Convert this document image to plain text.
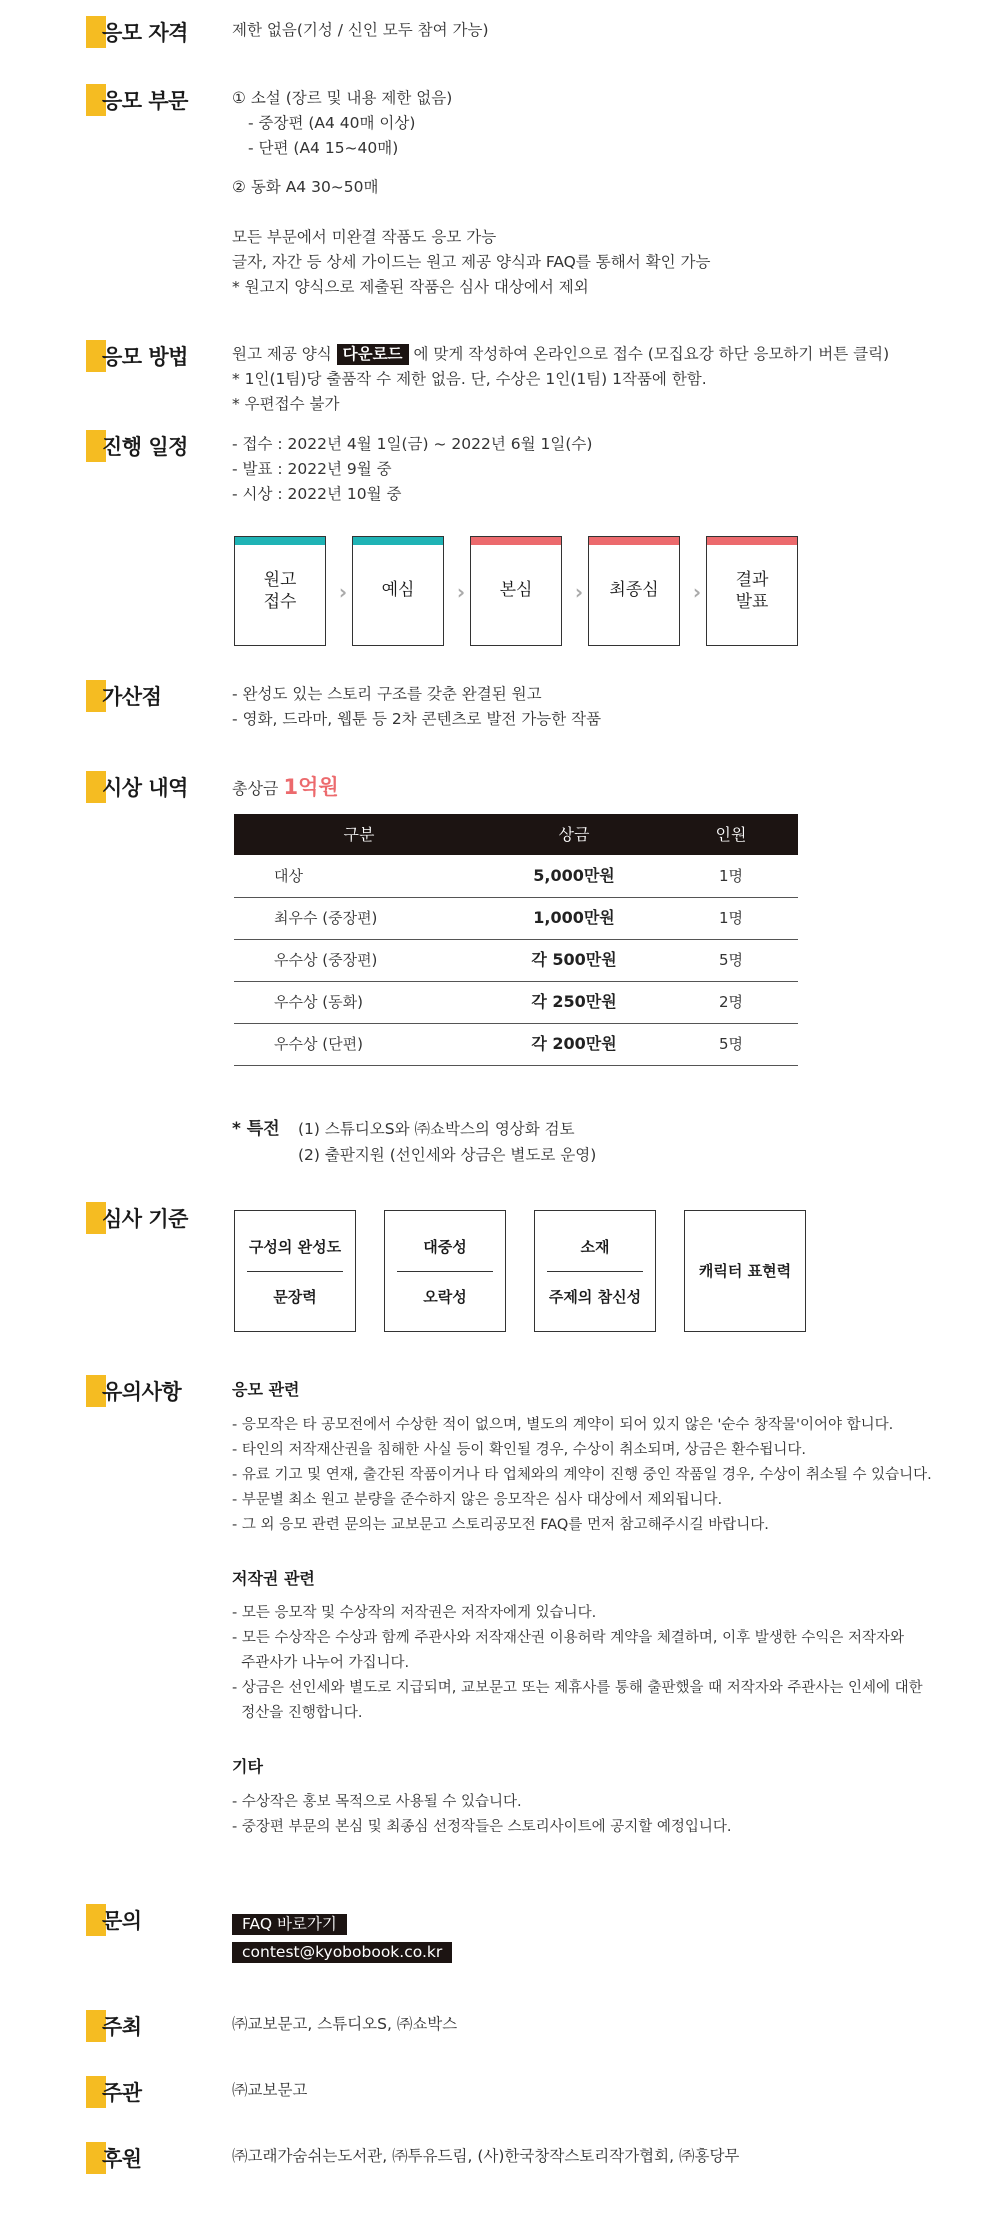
응모 자격	제한 없음(기성 / 신인 모두 참여 가능)
응모 부문	① 소설 (장르 및 내용 제한 없음)
- 중장편 (A4 40매 이상)
- 단편 (A4 15~40매)
② 동화 A4 30~50매
모든 부문에서 미완결 작품도 응모 가능
글자, 자간 등 상세 가이드는 원고 제공 양식과 FAQ를 통해서 확인 가능
* 원고지 양식으로 제출된 작품은 심사 대상에서 제외
응모 방법	원고 제공 양식 다운로드 에 맞게 작성하여 온라인으로 접수 (모집요강 하단 응모하기 버튼 클릭)
* 1인(1팀)당 출품작 수 제한 없음. 단, 수상은 1인(1팀) 1작품에 한함.
* 우편접수 불가
진행 일정	- 접수 : 2022년 4월 1일(금) ~ 2022년 6월 1일(수)
- 발표 : 2022년 9월 중
- 시상 : 2022년 10월 중
원고
접수	›	예심	›	본심	›	최종심	›	결과
발표
가산점	- 완성도 있는 스토리 구조를 갖춘 완결된 원고
- 영화, 드라마, 웹툰 등 2차 콘텐츠로 발전 가능한 작품
시상 내역	총상금 1억원
구분	상금	인원
대상	5,000만원	1명
최우수 (중장편)	1,000만원	1명
우수상 (중장편)	각 500만원	5명
우수상 (동화)	각 250만원	2명
우수상 (단편)	각 200만원	5명
* 특전 (1) 스튜디오S와 ㈜쇼박스의 영상화 검토
(2) 출판지원 (선인세와 상금은 별도로 운영)
심사 기준
구성의 완성도
문장력
대중성
오락성
소재
주제의 참신성
캐릭터 표현력
유의사항	응모 관련
- 응모작은 타 공모전에서 수상한 적이 없으며, 별도의 계약이 되어 있지 않은 '순수 창작물'이어야 합니다.
- 타인의 저작재산권을 침해한 사실 등이 확인될 경우, 수상이 취소되며, 상금은 환수됩니다.
- 유료 기고 및 연재, 출간된 작품이거나 타 업체와의 계약이 진행 중인 작품일 경우, 수상이 취소될 수 있습니다.
- 부문별 최소 원고 분량을 준수하지 않은 응모작은 심사 대상에서 제외됩니다.
- 그 외 응모 관련 문의는 교보문고 스토리공모전 FAQ를 먼저 참고해주시길 바랍니다.
저작권 관련
- 모든 응모작 및 수상작의 저작권은 저작자에게 있습니다.
- 모든 수상작은 수상과 함께 주관사와 저작재산권 이용허락 계약을 체결하며, 이후 발생한 수익은 저작자와
주관사가 나누어 가집니다.
- 상금은 선인세와 별도로 지급되며, 교보문고 또는 제휴사를 통해 출판했을 때 저작자와 주관사는 인세에 대한
정산을 진행합니다.
기타
- 수상작은 홍보 목적으로 사용될 수 있습니다.
- 중장편 부문의 본심 및 최종심 선정작들은 스토리사이트에 공지할 예정입니다.
문의	FAQ 바로가기
contest@kyobobook.co.kr
주최	㈜교보문고, 스튜디오S, ㈜쇼박스
주관	㈜교보문고
후원	㈜고래가숨쉬는도서관, ㈜투유드림, (사)한국창작스토리작가협회, ㈜홍당무
